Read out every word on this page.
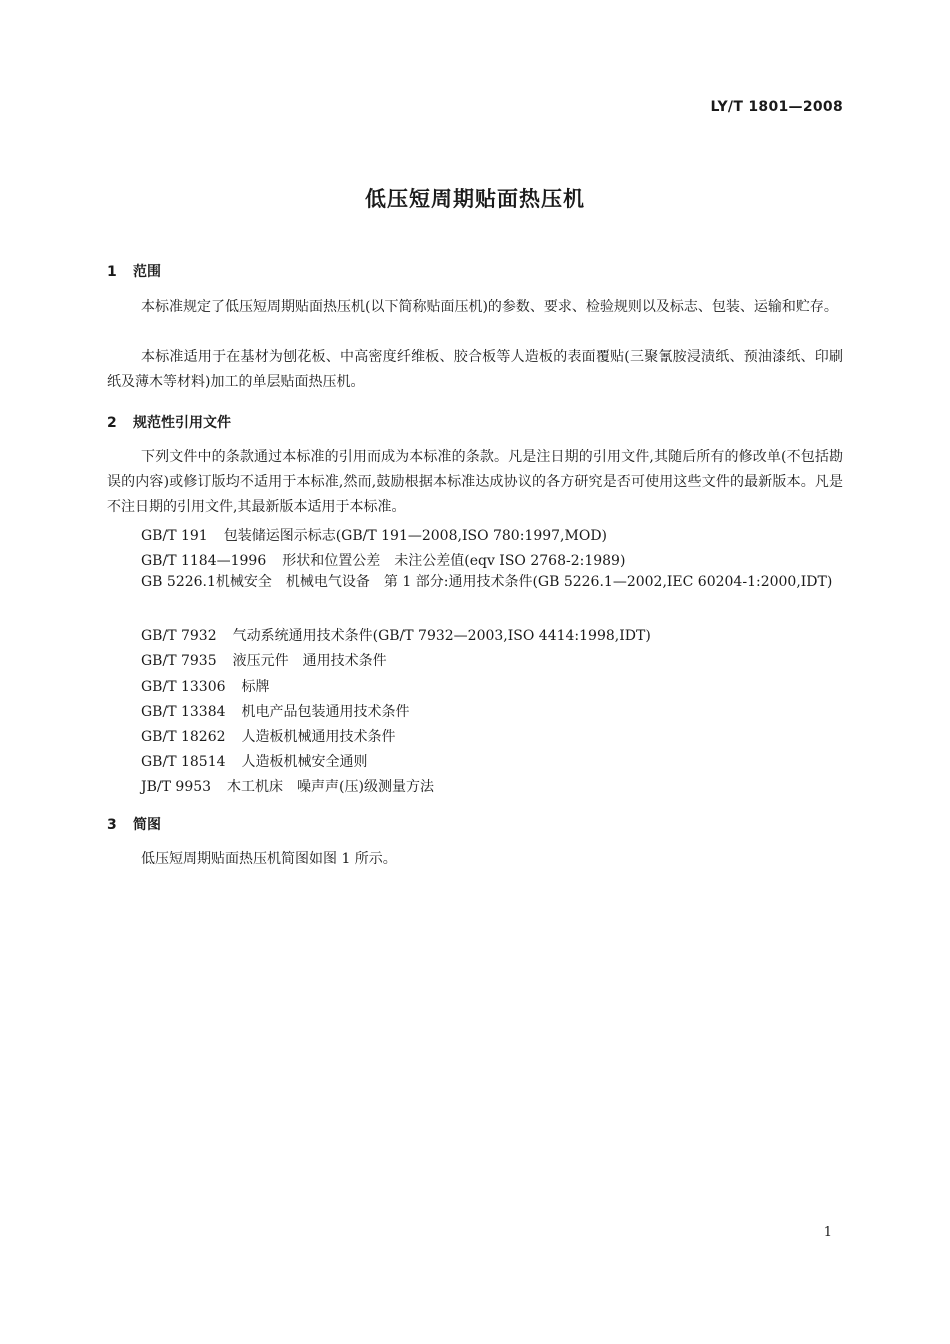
LY/T 1801—2008
低压短周期贴面热压机
1 范围
本标准规定了低压短周期贴面热压机(以下简称贴面压机)的参数、要求、检验规则以及标志、包装、运输和贮存。
本标准适用于在基材为刨花板、中高密度纤维板、胶合板等人造板的表面覆贴(三聚氰胺浸渍纸、预油漆纸、印刷纸及薄木等材料)加工的单层贴面热压机。
2 规范性引用文件
下列文件中的条款通过本标准的引用而成为本标准的条款。凡是注日期的引用文件,其随后所有的修改单(不包括勘误的内容)或修订版均不适用于本标准,然而,鼓励根据本标准达成协议的各方研究是否可使用这些文件的最新版本。凡是不注日期的引用文件,其最新版本适用于本标准。
GB/T 191 包装储运图示标志(GB/T 191—2008,ISO 780:1997,MOD)
GB/T 1184—1996 形状和位置公差　未注公差值(eqv ISO 2768-2:1989)
GB 5226.1机械安全　机械电气设备　第 1 部分:通用技术条件(GB 5226.1—2002,IEC 60204-1:2000,IDT)
GB/T 7932 气动系统通用技术条件(GB/T 7932—2003,ISO 4414:1998,IDT)
GB/T 7935 液压元件　通用技术条件
GB/T 13306 标牌
GB/T 13384 机电产品包装通用技术条件
GB/T 18262 人造板机械通用技术条件
GB/T 18514 人造板机械安全通则
JB/T 9953 木工机床　噪声声(压)级测量方法
3 简图
低压短周期贴面热压机简图如图 1 所示。
1
